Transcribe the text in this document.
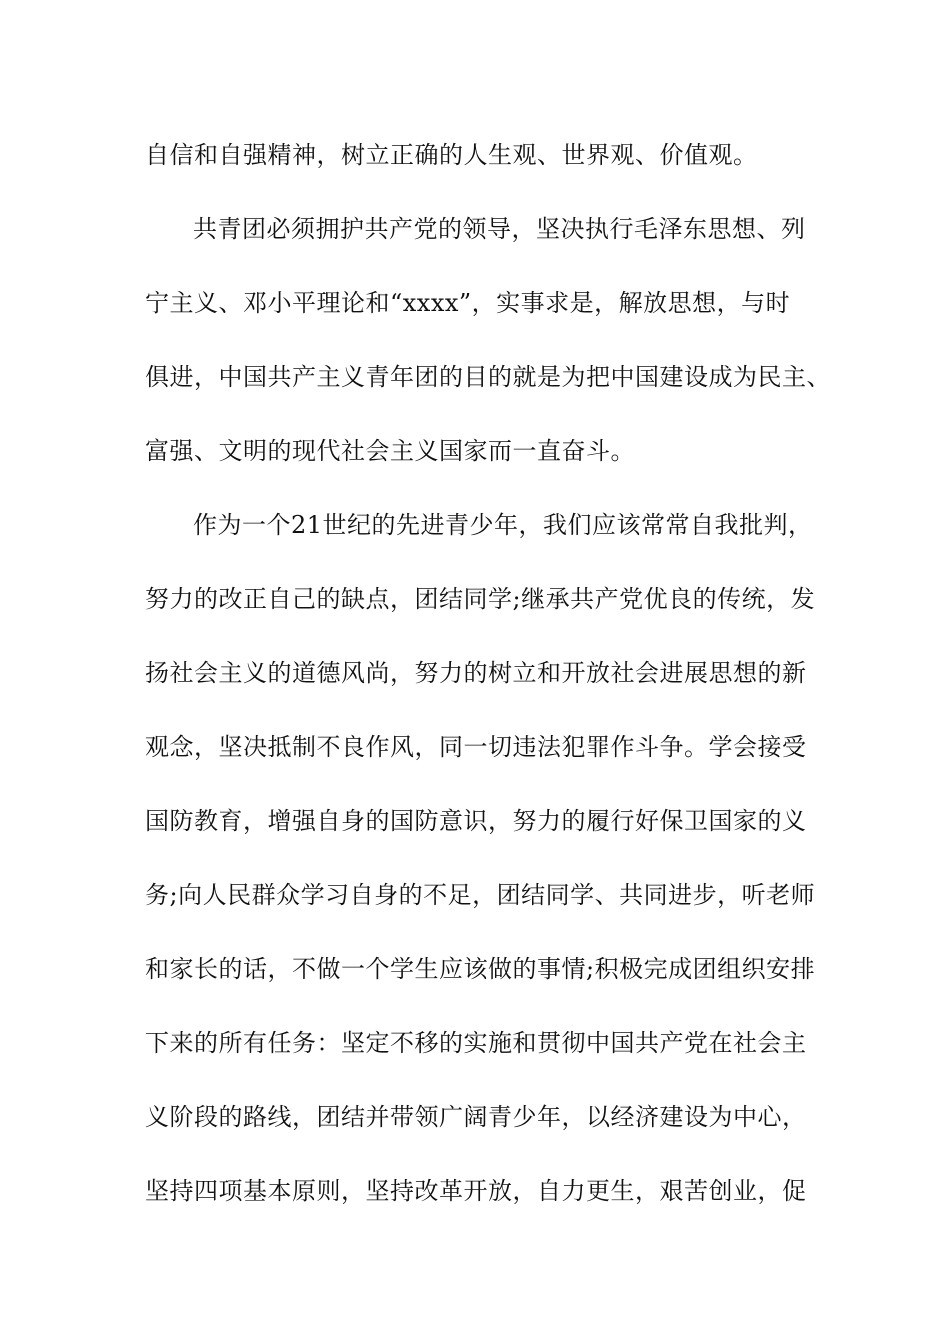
自信和自强精神，树立正确的人生观、世界观、价值观。
共青团必须拥护共产党的领导，坚决执行毛泽东思想、列
宁主义、邓小平理论和“xxxx”，实事求是，解放思想，与时
俱进，中国共产主义青年团的目的就是为把中国建设成为民主、
富强、文明的现代社会主义国家而一直奋斗。
作为一个21世纪的先进青少年，我们应该常常自我批判，
努力的改正自己的缺点，团结同学;继承共产党优良的传统，发
扬社会主义的道德风尚，努力的树立和开放社会进展思想的新
观念，坚决抵制不良作风，同一切违法犯罪作斗争。学会接受
国防教育，增强自身的国防意识，努力的履行好保卫国家的义
务;向人民群众学习自身的不足，团结同学、共同进步，听老师
和家长的话，不做一个学生应该做的事情;积极完成团组织安排
下来的所有任务：坚定不移的实施和贯彻中国共产党在社会主
义阶段的路线，团结并带领广阔青少年，以经济建设为中心，
坚持四项基本原则，坚持改革开放，自力更生，艰苦创业，促
